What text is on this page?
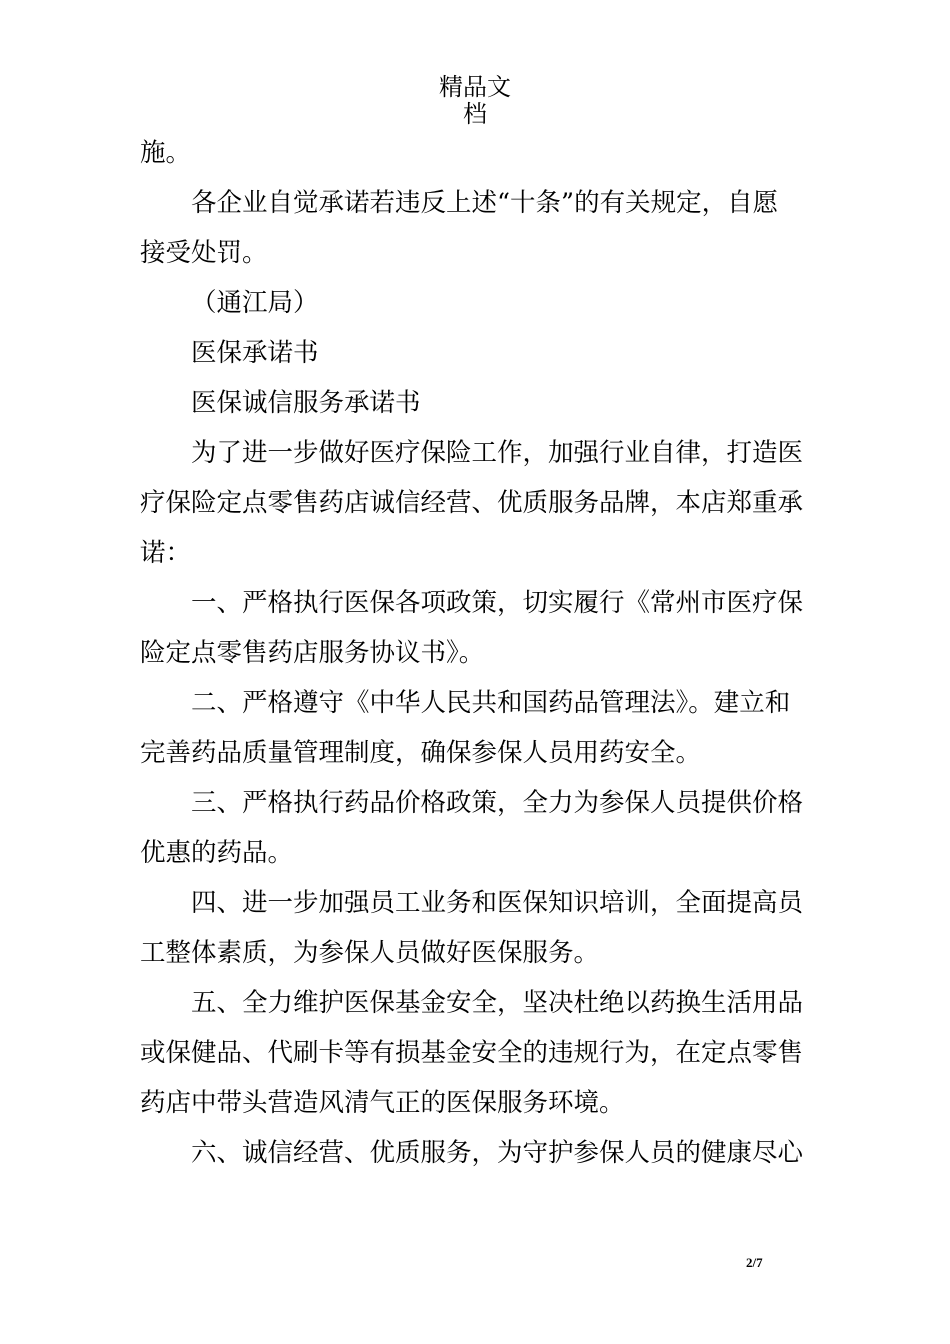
精品文
档

施。

各企业自觉承诺若违反上述“十条”的有关规定，自愿

接受处罚。

（通江局）

医保承诺书

医保诚信服务承诺书

为了进一步做好医疗保险工作，加强行业自律，打造医

疗保险定点零售药店诚信经营、优质服务品牌，本店郑重承

诺：

一、严格执行医保各项政策，切实履行《常州市医疗保

险定点零售药店服务协议书》。

二、严格遵守《中华人民共和国药品管理法》。建立和

完善药品质量管理制度，确保参保人员用药安全。

三、严格执行药品价格政策，全力为参保人员提供价格

优惠的药品。

四、进一步加强员工业务和医保知识培训，全面提高员

工整体素质，为参保人员做好医保服务。

五、全力维护医保基金安全，坚决杜绝以药换生活用品

或保健品、代刷卡等有损基金安全的违规行为，在定点零售

药店中带头营造风清气正的医保服务环境。

六、诚信经营、优质服务，为守护参保人员的健康尽心

2/7
